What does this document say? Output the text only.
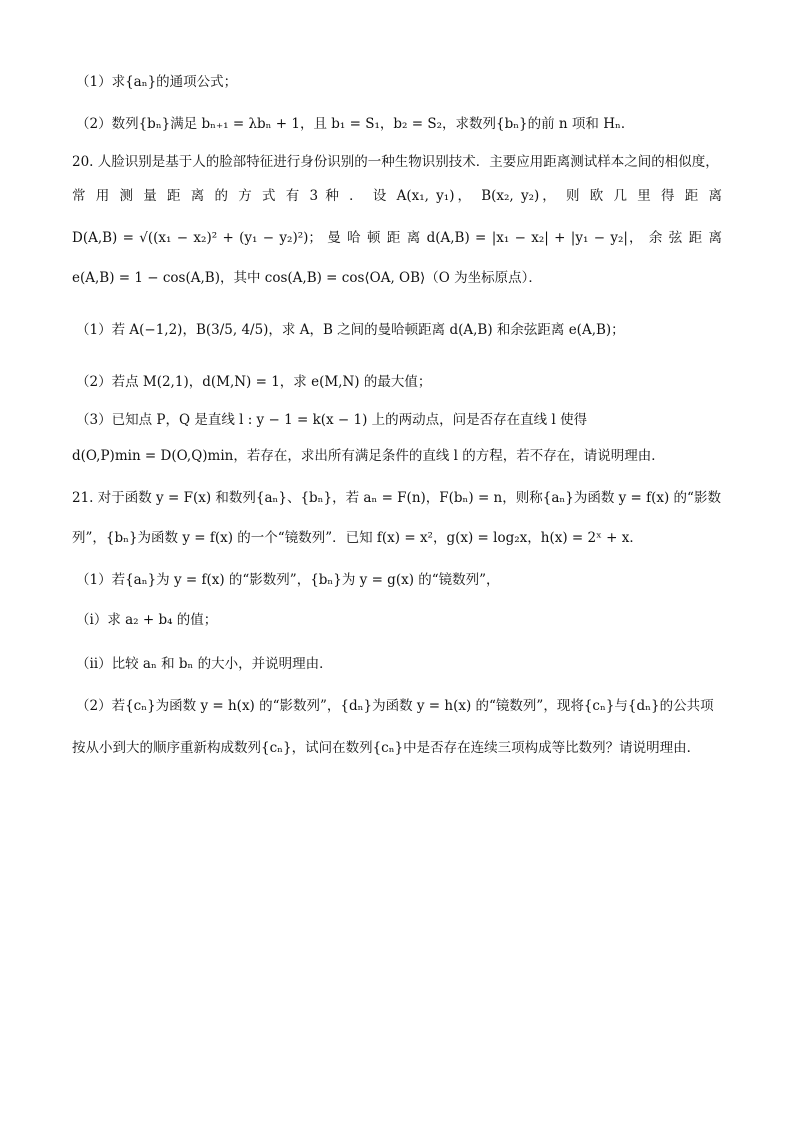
（1）求{aₙ}的通项公式；
（2）数列{bₙ}满足 bₙ₊₁ = λbₙ + 1，且 b₁ = S₁，b₂ = S₂，求数列{bₙ}的前 n 项和 Hₙ．
20. 人脸识别是基于人的脸部特征进行身份识别的一种生物识别技术．主要应用距离测试样本之间的相似度，
常 用 测 量 距 离 的 方 式 有 3 种 ． 设 A(x₁, y₁)， B(x₂, y₂)， 则 欧 几 里 得 距 离
D(A,B) = √((x₁ − x₂)² + (y₁ − y₂)²)； 曼 哈 顿 距 离 d(A,B) = |x₁ − x₂| + |y₁ − y₂|， 余 弦 距 离
e(A,B) = 1 − cos(A,B)，其中 cos(A,B) = cos⟨OA, OB⟩（O 为坐标原点）．
（1）若 A(−1,2)，B(3/5, 4/5)，求 A，B 之间的曼哈顿距离 d(A,B) 和余弦距离 e(A,B)；
（2）若点 M(2,1)，d(M,N) = 1，求 e(M,N) 的最大值；
（3）已知点 P，Q 是直线 l : y − 1 = k(x − 1) 上的两动点，问是否存在直线 l 使得
d(O,P)min = D(O,Q)min，若存在，求出所有满足条件的直线 l 的方程，若不存在，请说明理由．
21. 对于函数 y = F(x) 和数列{aₙ}、{bₙ}，若 aₙ = F(n)，F(bₙ) = n，则称{aₙ}为函数 y = f(x) 的“影数
列”，{bₙ}为函数 y = f(x) 的一个“镜数列”．已知 f(x) = x²，g(x) = log₂x，h(x) = 2ˣ + x．
（1）若{aₙ}为 y = f(x) 的“影数列”，{bₙ}为 y = g(x) 的“镜数列”，
（ⅰ）求 a₂ + b₄ 的值；
（ⅱ）比较 aₙ 和 bₙ 的大小，并说明理由．
（2）若{cₙ}为函数 y = h(x) 的“影数列”，{dₙ}为函数 y = h(x) 的“镜数列”，现将{cₙ}与{dₙ}的公共项
按从小到大的顺序重新构成数列{cₙ}，试问在数列{cₙ}中是否存在连续三项构成等比数列？请说明理由．
